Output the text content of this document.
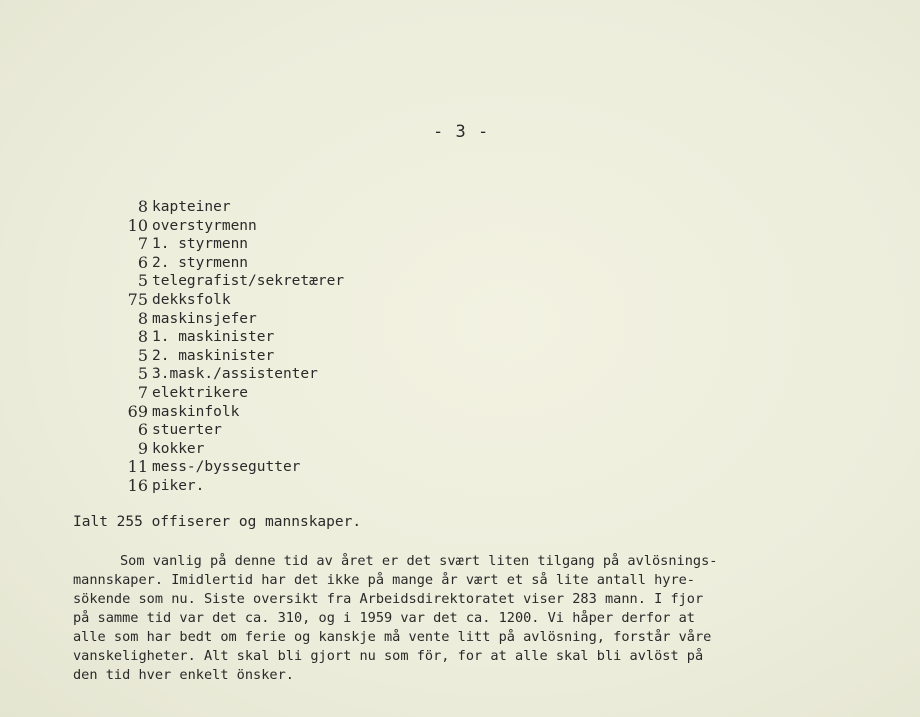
- 3 -
8 kapteiner
10 overstyrmenn
7 1. styrmenn
6 2. styrmenn
5 telegrafist/sekretærer
75 dekksfolk
8 maskinsjefer
8 1. maskinister
5 2. maskinister
5 3.mask./assistenter
7 elektrikere
69 maskinfolk
6 stuerter
9 kokker
11 mess-/byssegutter
16 piker.
Ialt 255 offiserer og mannskaper.
Som vanlig på denne tid av året er det svært liten tilgang på avlösnings-
mannskaper. Imidlertid har det ikke på mange år vært et så lite antall hyre-
sökende som nu. Siste oversikt fra Arbeidsdirektoratet viser 283 mann. I fjor
på samme tid var det ca. 310, og i 1959 var det ca. 1200. Vi håper derfor at
alle som har bedt om ferie og kanskje må vente litt på avlösning, forstår våre
vanskeligheter. Alt skal bli gjort nu som för, for at alle skal bli avlöst på
den tid hver enkelt önsker.
